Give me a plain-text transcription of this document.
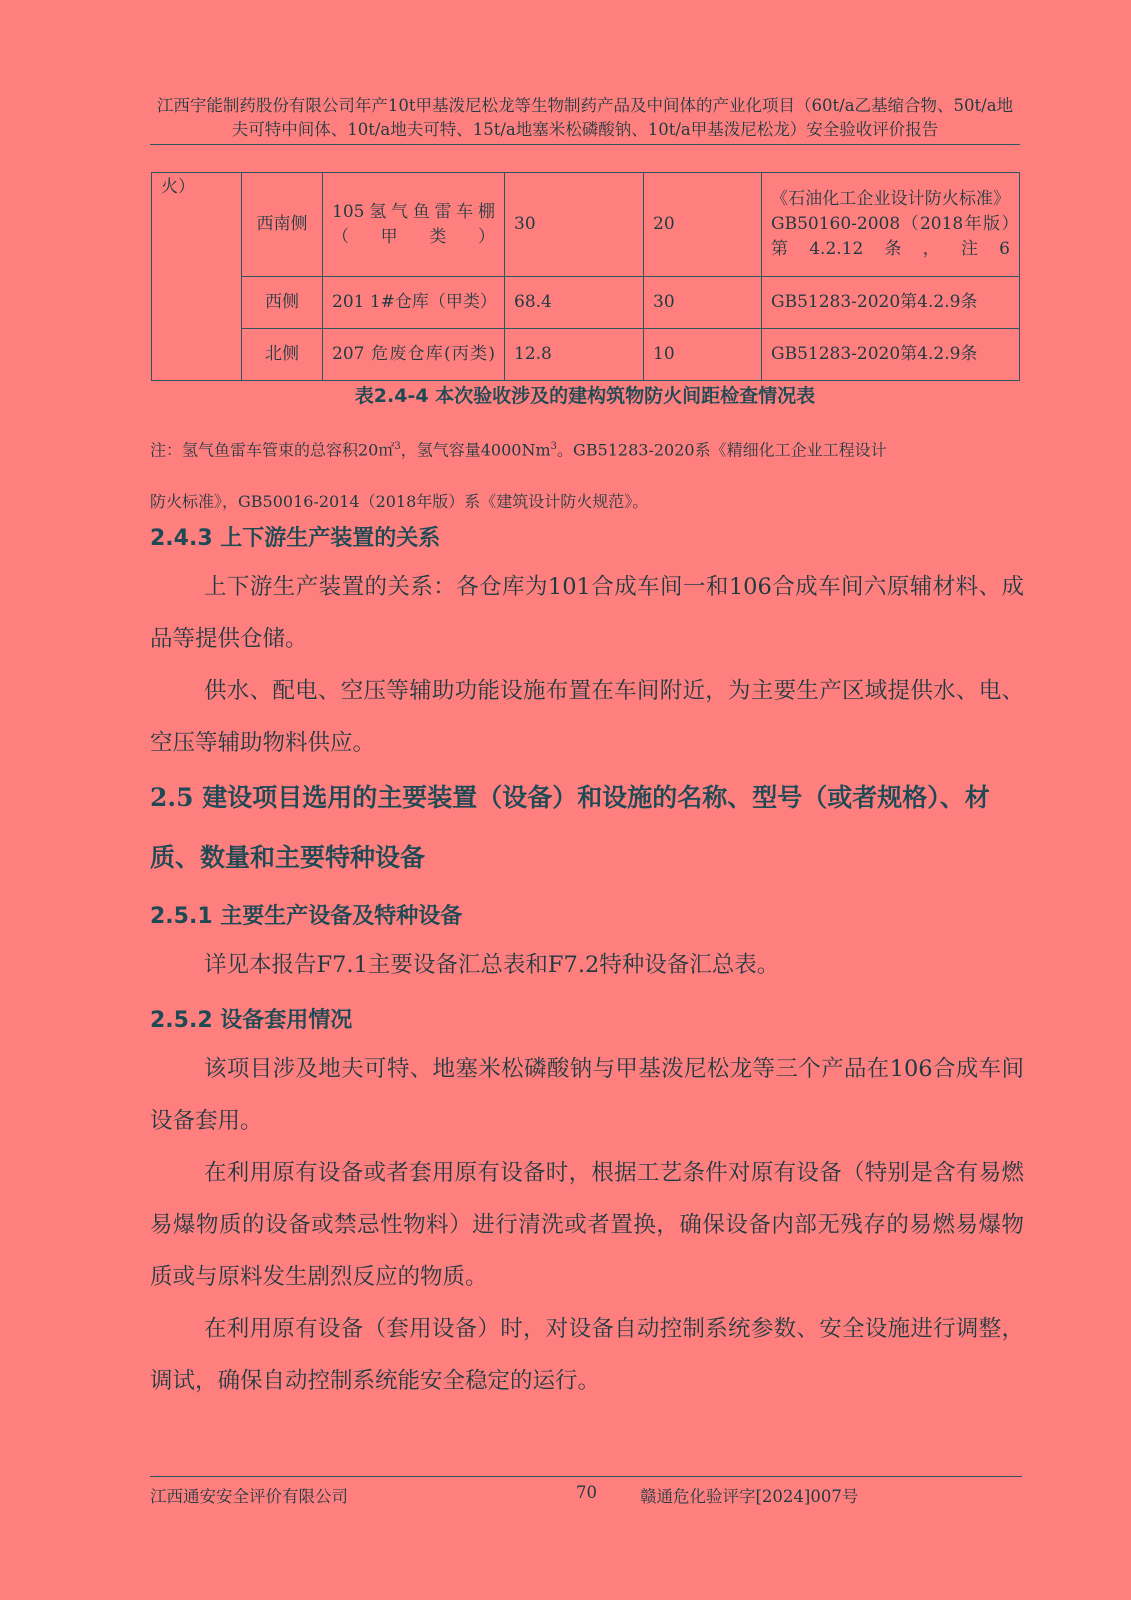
江西宇能制药股份有限公司年产10t甲基泼尼松龙等生物制药产品及中间体的产业化项目（60t/a乙基缩合物、50t/a地夫可特中间体、10t/a地夫可特、15t/a地塞米松磷酸钠、10t/a甲基泼尼松龙）安全验收评价报告
火）	西南侧	105氢气鱼雷车棚（甲类）	30	20	《石油化工企业设计防火标准》GB50160-2008（2018年版）第4.2.12条，注6
	西侧	201 1#仓库（甲类）	68.4	30	GB51283-2020第4.2.9条
	北侧	207 危废仓库(丙类)	12.8	10	GB51283-2020第4.2.9条
表2.4-4 本次验收涉及的建构筑物防火间距检查情况表
注：氢气鱼雷车管束的总容积20㎡$^3$，氢气容量4000Nm$^3$。GB51283-2020系《精细化工企业工程设计
防火标准》，GB50016-2014（2018年版）系《建筑设计防火规范》。
2.4.3 上下游生产装置的关系
上下游生产装置的关系：各仓库为101合成车间一和106合成车间六原辅材料、成品等提供仓储。
供水、配电、空压等辅助功能设施布置在车间附近，为主要生产区域提供水、电、空压等辅助物料供应。
2.5 建设项目选用的主要装置（设备）和设施的名称、型号（或者规格）、材质、数量和主要特种设备
2.5.1 主要生产设备及特种设备
详见本报告F7.1主要设备汇总表和F7.2特种设备汇总表。
2.5.2 设备套用情况
该项目涉及地夫可特、地塞米松磷酸钠与甲基泼尼松龙等三个产品在106合成车间设备套用。
在利用原有设备或者套用原有设备时，根据工艺条件对原有设备（特别是含有易燃易爆物质的设备或禁忌性物料）进行清洗或者置换，确保设备内部无残存的易燃易爆物质或与原料发生剧烈反应的物质。
在利用原有设备（套用设备）时，对设备自动控制系统参数、安全设施进行调整，调试，确保自动控制系统能安全稳定的运行。
江西通安安全评价有限公司	70	赣通危化验评字[2024]007号
